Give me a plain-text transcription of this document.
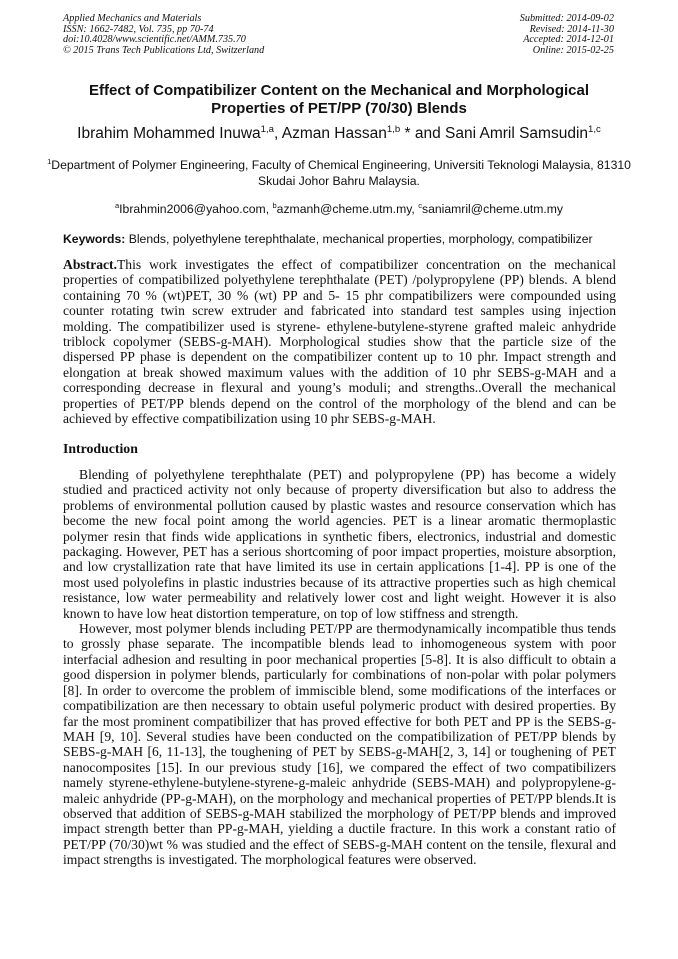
Applied Mechanics and Materials
ISSN: 1662-7482, Vol. 735, pp 70-74
doi:10.4028/www.scientific.net/AMM.735.70
© 2015 Trans Tech Publications Ltd, Switzerland
Submitted: 2014-09-02
Revised: 2014-11-30
Accepted: 2014-12-01
Online: 2015-02-25
Effect of Compatibilizer Content on the Mechanical and Morphological
Properties of PET/PP (70/30) Blends
Ibrahim Mohammed Inuwa$^{1,a}$, Azman Hassan$^{1,b}$ * and Sani Amril Samsudin$^{1,c}$
$^1$Department of Polymer Engineering, Faculty of Chemical Engineering, Universiti Teknologi Malaysia, 81310 Skudai Johor Bahru Malaysia.
$^a$Ibrahmin2006@yahoo.com, $^b$azmanh@cheme.utm.my, $^c$saniamril@cheme.utm.my
Keywords: Blends, polyethylene terephthalate, mechanical properties, morphology, compatibilizer
Abstract.This work investigates the effect of compatibilizer concentration on the mechanical properties of compatibilized polyethylene terephthalate (PET) /polypropylene (PP) blends. A blend containing 70 % (wt)PET, 30 % (wt) PP and 5- 15 phr compatibilizers were compounded using counter rotating twin screw extruder and fabricated into standard test samples using injection molding. The compatibilizer used is styrene- ethylene-butylene-styrene grafted maleic anhydride triblock copolymer (SEBS-g-MAH). Morphological studies show that the particle size of the dispersed PP phase is dependent on the compatibilizer content up to 10 phr. Impact strength and elongation at break showed maximum values with the addition of 10 phr SEBS-g-MAH and a corresponding decrease in flexural and young’s moduli; and strengths..Overall the mechanical properties of PET/PP blends depend on the control of the morphology of the blend and can be achieved by effective compatibilization using 10 phr SEBS-g-MAH.
Introduction

Blending of polyethylene terephthalate (PET) and polypropylene (PP) has become a widely studied and practiced activity not only because of property diversification but also to address the problems of environmental pollution caused by plastic wastes and resource conservation which has become the new focal point among the world agencies. PET is a linear aromatic thermoplastic polymer resin that finds wide applications in synthetic fibers, electronics, industrial and domestic packaging. However, PET has a serious shortcoming of poor impact properties, moisture absorption, and low crystallization rate that have limited its use in certain applications [1-4]. PP is one of the most used polyolefins in plastic industries because of its attractive properties such as high chemical resistance, low water permeability and relatively lower cost and light weight. However it is also known to have low heat distortion temperature, on top of low stiffness and strength.

However, most polymer blends including PET/PP are thermodynamically incompatible thus tends to grossly phase separate. The incompatible blends lead to inhomogeneous system with poor interfacial adhesion and resulting in poor mechanical properties [5-8]. It is also difficult to obtain a good dispersion in polymer blends, particularly for combinations of non-polar with polar polymers [8]. In order to overcome the problem of immiscible blend, some modifications of the interfaces or compatibilization are then necessary to obtain useful polymeric product with desired properties. By far the most prominent compatibilizer that has proved effective for both PET and PP is the SEBS-g-MAH [9, 10]. Several studies have been conducted on the compatibilization of PET/PP blends by SEBS-g-MAH [6, 11-13], the toughening of PET by SEBS-g-MAH[2, 3, 14] or toughening of PET nanocomposites [15]. In our previous study [16], we compared the effect of two compatibilizers namely styrene-ethylene-butylene-styrene-g-maleic anhydride (SEBS-MAH) and polypropylene-g-maleic anhydride (PP-g-MAH), on the morphology and mechanical properties of PET/PP blends.It is observed that addition of SEBS-g-MAH stabilized the morphology of PET/PP blends and improved impact strength better than PP-g-MAH, yielding a ductile fracture. In this work a constant ratio of PET/PP (70/30)wt % was studied and the effect of SEBS-g-MAH content on the tensile, flexural and impact strengths is investigated. The morphological features were observed.
